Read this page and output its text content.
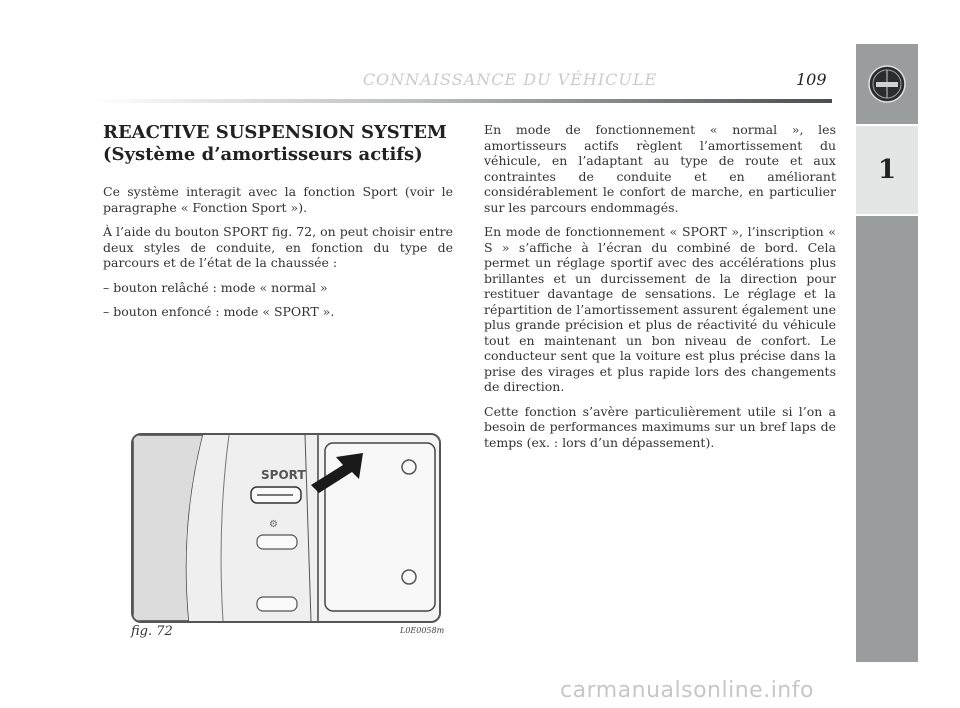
CONNAISSANCE DU VÉHICULE	109
1
REACTIVE SUSPENSION SYSTEM
(Système d’amortisseurs actifs)

Ce système interagit avec la fonction Sport (voir le paragraphe « Fonction Sport »).

À l’aide du bouton SPORT fig. 72, on peut choisir entre deux styles de conduite, en fonction du type de parcours et de l’état de la chaussée :

– bouton relâché : mode « normal »

– bouton enfoncé : mode « SPORT ».

En mode de fonctionnement « normal », les amortisseurs actifs règlent l’amortissement du véhicule, en l’adaptant au type de route et aux contraintes de conduite et en améliorant considérablement le confort de marche, en particulier sur les parcours endommagés.

En mode de fonctionnement « SPORT », l’inscription « S » s’affiche à l’écran du combiné de bord. Cela permet un réglage sportif avec des accélérations plus brillantes et un durcissement de la direction pour restituer davantage de sensations. Le réglage et la répartition de l’amortissement assurent également une plus grande précision et plus de réactivité du véhicule tout en maintenant un bon niveau de confort. Le conducteur sent que la voiture est plus précise dans la prise des virages et plus rapide lors des changements de direction.

Cette fonction s’avère particulièrement utile si l’on a besoin de performances maximums sur un bref laps de temps (ex. : lors d’un dépassement).

SPORT
⚙
fig. 72	L0E0058m
carmanualsonline.info
